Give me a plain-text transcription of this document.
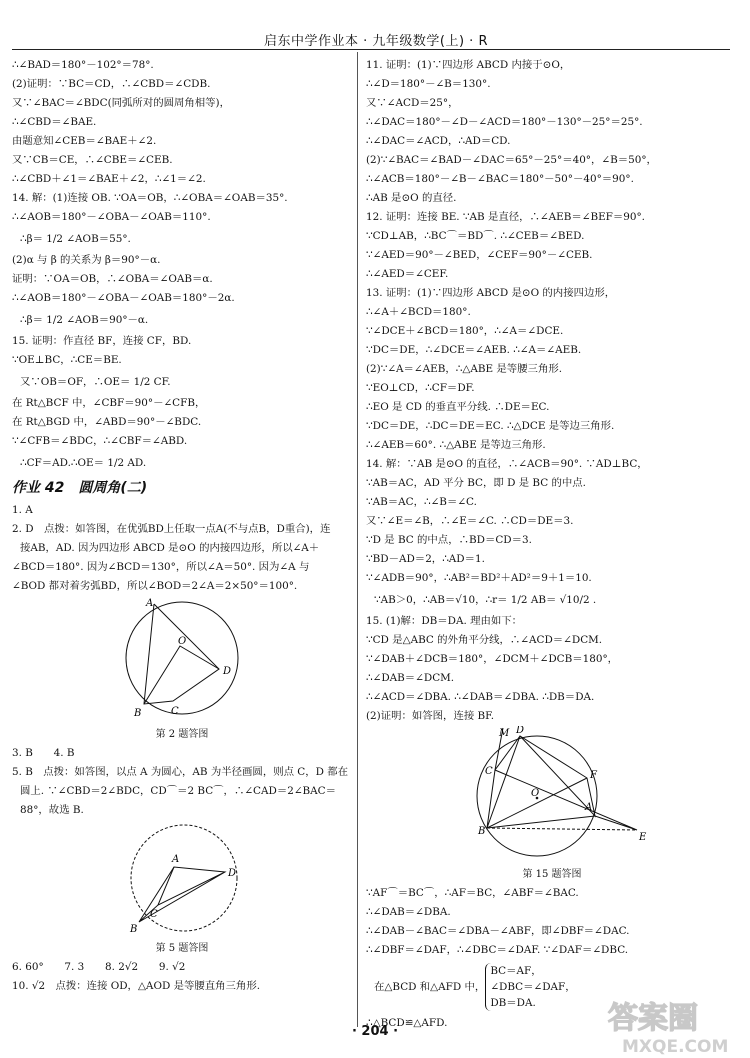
启东中学作业本 · 九年级数学(上) · R
∴∠BAD＝180°－102°＝78°.
(2)证明：∵BC＝CD，∴∠CBD＝∠CDB.
又∵∠BAC＝∠BDC(同弧所对的圆周角相等)，
∴∠CBD＝∠BAE.
由题意知∠CEB＝∠BAE＋∠2.
又∵CB＝CE，∴∠CBE＝∠CEB.
∴∠CBD＋∠1＝∠BAE＋∠2，∴∠1＝∠2.
14. 解：(1)连接 OB. ∵OA＝OB，∴∠OBA＝∠OAB＝35°.
∴∠AOB＝180°－∠OBA－∠OAB＝110°.
∴β＝ 1/2 ∠AOB＝55°.
(2)α 与 β 的关系为 β＝90°－α.
证明：∵OA＝OB，∴∠OBA＝∠OAB＝α.
∴∠AOB＝180°－∠OBA－∠OAB＝180°－2α.
∴β＝ 1/2 ∠AOB＝90°－α.
15. 证明：作直径 BF，连接 CF，BD.
∵OE⊥BC，∴CE＝BE.
又∵OB＝OF，∴OE＝ 1/2 CF.
在 Rt△BCF 中，∠CBF＝90°－∠CFB，
在 Rt△BGD 中，∠ABD＝90°－∠BDC.
∵∠CFB＝∠BDC，∴∠CBF＝∠ABD.
∴CF＝AD.∴OE＝ 1/2 AD.
作业 42　圆周角(二)
1. A
2. D　点拨：如答图，在优弧BD上任取一点A(不与点B，D重合)，连
接AB，AD. 因为四边形 ABCD 是⊙O 的内接四边形，所以∠A＋
∠BCD＝180°. 因为∠BCD＝130°，所以∠A＝50°. 因为∠A 与
∠BOD 都对着劣弧BD，所以∠BOD＝2∠A＝2×50°＝100°.
A
O
D
B	C
第 2 题答图
3. B　　4. B
5. B　点拨：如答图，以点 A 为圆心，AB 为半径画圆，则点 C，D 都在
圆上. ∵∠CBD＝2∠BDC，CD⌒＝2 BC⌒，∴∠CAD＝2∠BAC＝
88°，故选 B.
A
D
C
B
第 5 题答图
6. 60°　　7. 3　　8. 2√2　　9. √2
10. √2　点拨：连接 OD，△AOD 是等腰直角三角形.
11. 证明：(1)∵四边形 ABCD 内接于⊙O，
∴∠D＝180°－∠B＝130°.
又∵∠ACD＝25°，
∴∠DAC＝180°－∠D－∠ACD＝180°－130°－25°＝25°.
∴∠DAC＝∠ACD，∴AD＝CD.
(2)∵∠BAC＝∠BAD－∠DAC＝65°－25°＝40°，∠B＝50°，
∴∠ACB＝180°－∠B－∠BAC＝180°－50°－40°＝90°.
∴AB 是⊙O 的直径.
12. 证明：连接 BE. ∵AB 是直径，∴∠AEB＝∠BEF＝90°.
∵CD⊥AB，∴BC⌒＝BD⌒. ∴∠CEB＝∠BED.
∵∠AED＝90°－∠BED，∠CEF＝90°－∠CEB.
∴∠AED＝∠CEF.
13. 证明：(1)∵四边形 ABCD 是⊙O 的内接四边形，
∴∠A＋∠BCD＝180°.
∵∠DCE＋∠BCD＝180°，∴∠A＝∠DCE.
∵DC＝DE，∴∠DCE＝∠AEB. ∴∠A＝∠AEB.
(2)∵∠A＝∠AEB，∴△ABE 是等腰三角形.
∵EO⊥CD，∴CF＝DF.
∴EO 是 CD 的垂直平分线. ∴DE＝EC.
∵DC＝DE，∴DC＝DE＝EC. ∴△DCE 是等边三角形.
∴∠AEB＝60°. ∴△ABE 是等边三角形.
14. 解：∵AB 是⊙O 的直径，∴∠ACB＝90°. ∵AD⊥BC，
∵AB＝AC，AD 平分 BC，即 D 是 BC 的中点.
∵AB＝AC，∴∠B＝∠C.
又∵∠E＝∠B，∴∠E＝∠C. ∴CD＝DE＝3.
∵D 是 BC 的中点，∴BD＝CD＝3.
∵BD－AD＝2，∴AD＝1.
∵∠ADB＝90°，∴AB²＝BD²＋AD²＝9＋1＝10.
∵AB＞0，∴AB＝√10，∴r＝ 1/2 AB＝ √10/2 .
15. (1)解：DB＝DA. 理由如下：
∵CD 是△ABC 的外角平分线，∴∠ACD＝∠DCM.
∵∠DAB＋∠DCB＝180°，∠DCM＋∠DCB＝180°，
∴∠DAB＝∠DCM.
∴∠ACD＝∠DBA. ∴∠DAB＝∠DBA. ∴DB＝DA.
(2)证明：如答图，连接 BF.
D
M
C	F
O
A
B
E
第 15 题答图
∵AF⌒＝BC⌒，∴AF＝BC，∠ABF＝∠BAC.
∴∠DAB＝∠DBA.
∴∠DAB－∠BAC＝∠DBA－∠ABF，即∠DBF＝∠DAC.
∴∠DBF＝∠DAF，∴∠DBC＝∠DAF. ∵∠DAF＝∠DBC.
在△BCD 和△AFD 中，
BC＝AF，
∠DBC＝∠DAF，
DB＝DA.
∴△BCD≌△AFD.
· 204 ·	答案圈
MXQE.COM
